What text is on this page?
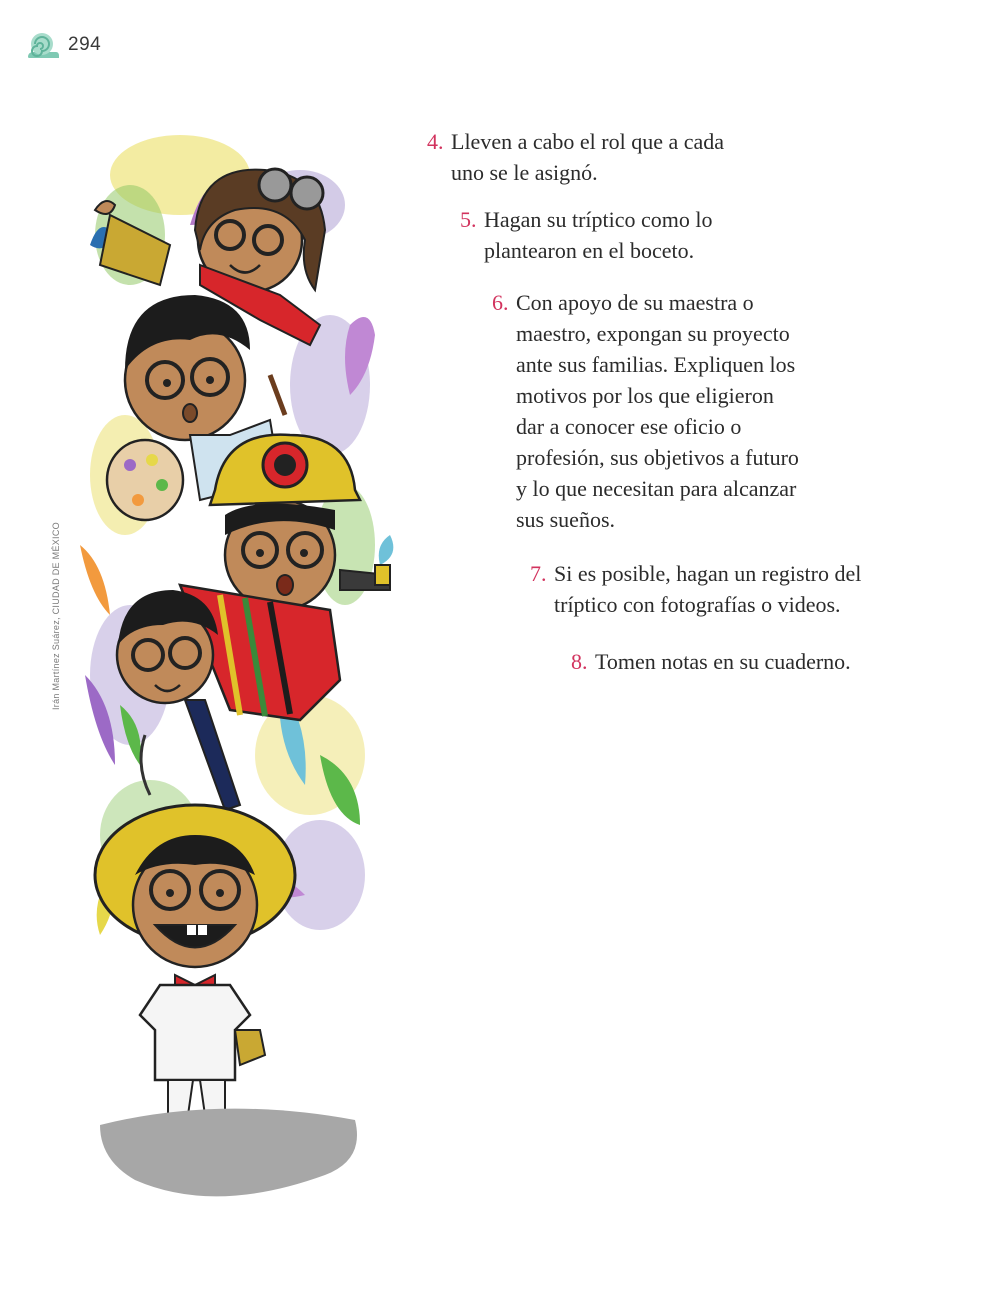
294
Irán Martínez Suárez, CIUDAD DE MÉXICO
4. Lleven a cabo el rol que a cada
uno se le asignó.
5. Hagan su tríptico como lo
plantearon en el boceto.
6. Con apoyo de su maestra o
maestro, expongan su proyecto
ante sus familias. Expliquen los
motivos por los que eligieron
dar a conocer ese oficio o
profesión, sus objetivos a futuro
y lo que necesitan para alcanzar
sus sueños.
7. Si es posible, hagan un registro del
tríptico con fotografías o videos.
8. Tomen notas en su cuaderno.
